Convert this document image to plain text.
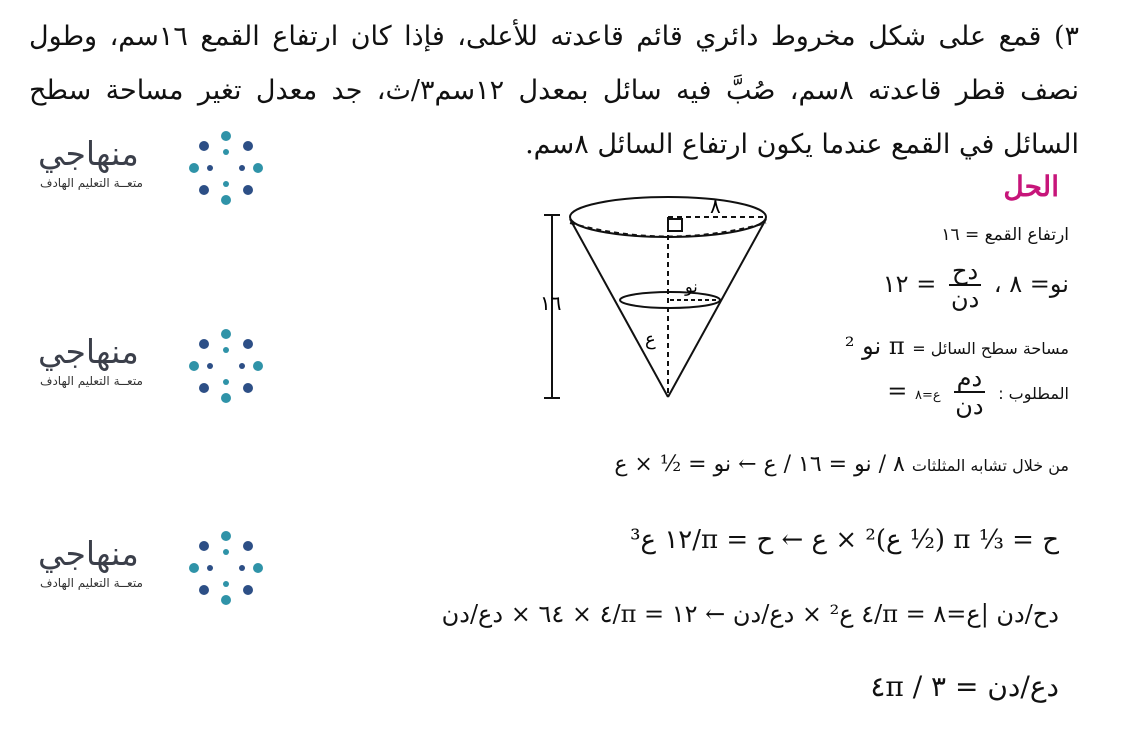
٣) قمع على شكل مخروط دائري قائم قاعدته للأعلى، فإذا كان ارتفاع القمع ١٦سم، وطول نصف قطر قاعدته ٨سم، صُبَّ فيه سائل بمعدل ١٢سم٣/ث، جد معدل تغير مساحة سطح السائل في القمع عندما يكون ارتفاع السائل ٨سم.
الحل
منهاجي
متعــة التعليم الهادف
منهاجي
متعــة التعليم الهادف
منهاجي
متعــة التعليم الهادف
٨
١٦
نو
ع
ارتفاع القمع = ١٦
نو= ٨ ،
$\frac{\text{دح}}{\text{دن}}$
= ١٢
مساحة سطح السائل = π نو ²
المطلوب :
$\frac{\text{دم}}{\text{دن}}$
ع=٨ =
من خلال تشابه المثلثات ٨ / نو = ١٦ / ع ← نو = ½ × ع
ح = ⅓ π (½ ع)² × ع ← ح = π/١٢ ع³
دح/دن |ع=٨ = π/٤ ع² × دع/دن ← ١٢ = π/٤ × ٦٤ × دع/دن
دع/دن = ٣ / ٤π
